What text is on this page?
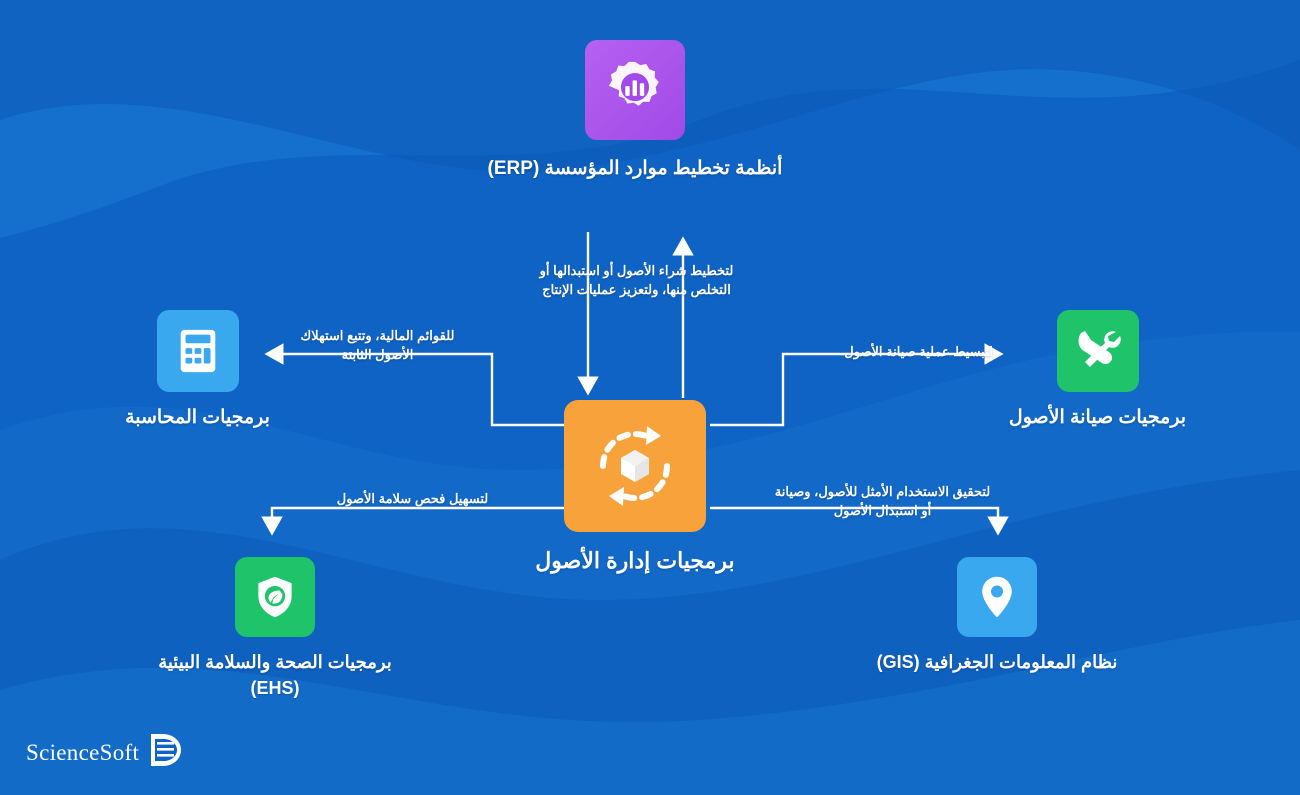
أنظمة تخطيط موارد المؤسسة (ERP)
برمجيات إدارة الأصول
برمجيات المحاسبة	برمجيات صيانة الأصول
برمجيات الصحة والسلامة البيئية (EHS)
نظام المعلومات الجغرافية (GIS)
لتخطيط شراء الأصول أو استبدالها أو التخلص منها، ولتعزيز عمليات الإنتاج
للقوائم المالية، وتتبع استهلاك الأصول الثابتة	لتبسيط عملية صيانة الأصول
لتسهيل فحص سلامة الأصول	لتحقيق الاستخدام الأمثل للأصول، وصيانة أو استبدال الأصول
ScienceSoft
